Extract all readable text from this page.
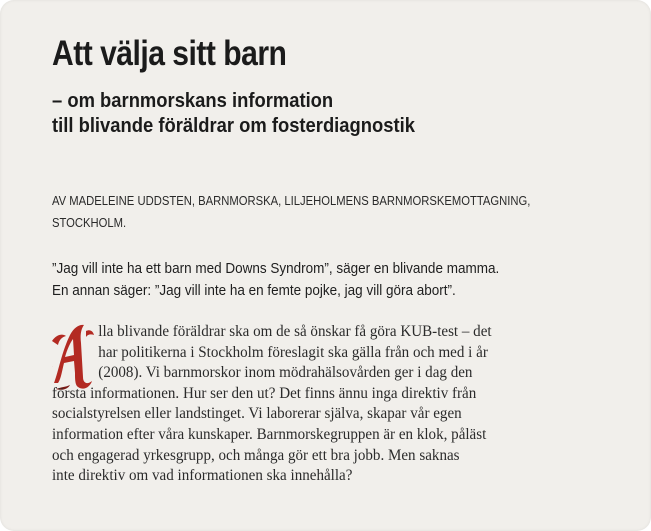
Att välja sitt barn
– om barnmorskans information
till blivande föräldrar om fosterdiagnostik
AV MADELEINE UDDSTEN, BARNMORSKA, LILJEHOLMENS BARNMORSKEMOTTAGNING,
STOCKHOLM.
”Jag vill inte ha ett barn med Downs Syndrom”, säger en blivande mamma.
En annan säger: ”Jag vill inte ha en femte pojke, jag vill göra abort”.
A
lla blivande föräldrar ska om de så önskar få göra KUB-test – det
har politikerna i Stockholm föreslagit ska gälla från och med i år
(2008). Vi barnmorskor inom mödrahälsovården ger i dag den
första informationen. Hur ser den ut? Det finns ännu inga direktiv från
socialstyrelsen eller landstinget. Vi laborerar själva, skapar vår egen
information efter våra kunskaper. Barnmorskegruppen är en klok, påläst
och engagerad yrkesgrupp, och många gör ett bra jobb. Men saknas
inte direktiv om vad informationen ska innehålla?
